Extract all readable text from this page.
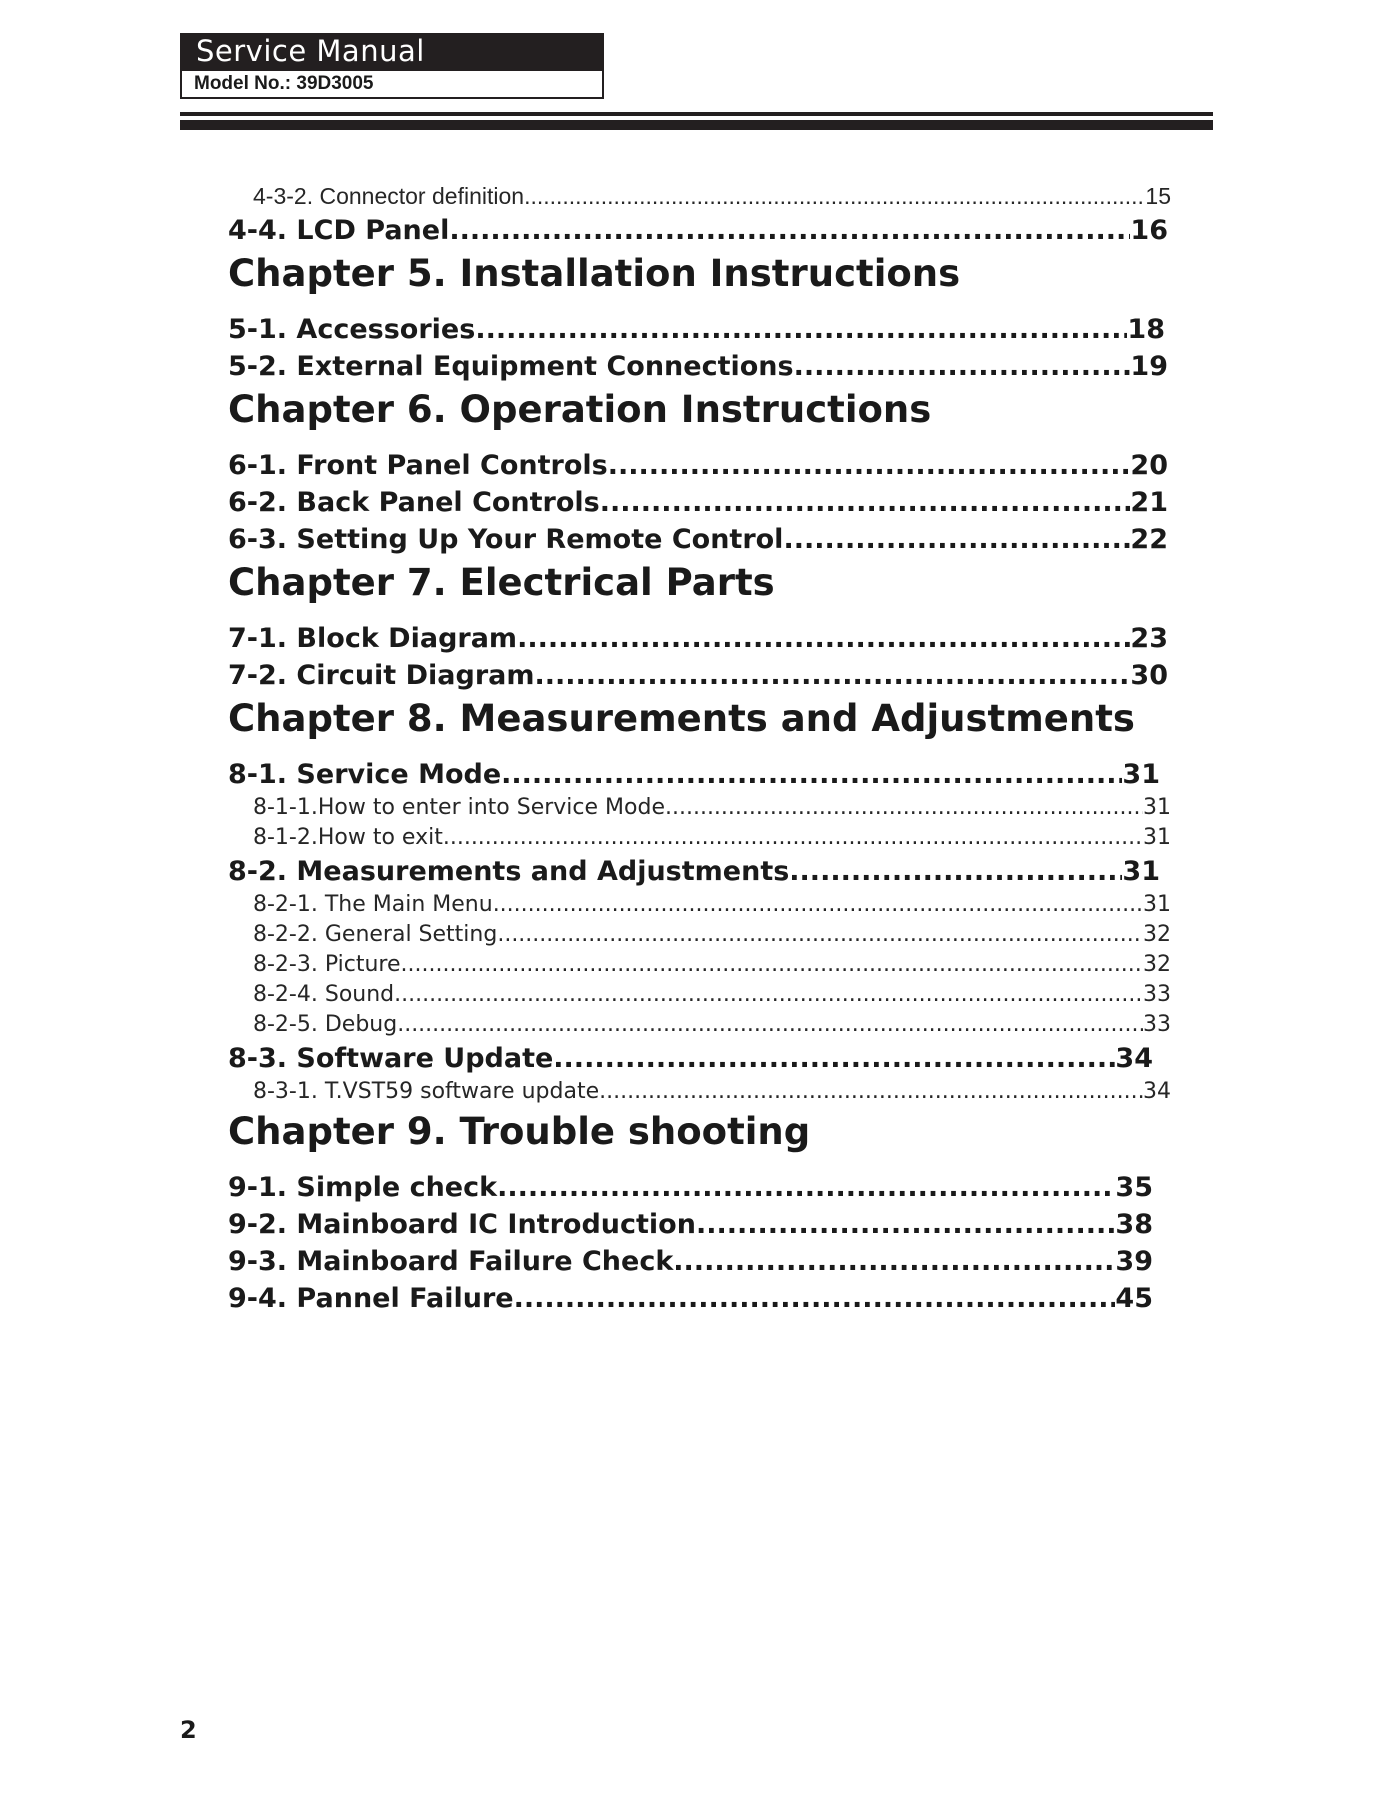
Service Manual
Model No.: 39D3005
4-3-2. Connector definition .....	15
4-4. LCD Panel .....	16
Chapter 5. Installation Instructions
5-1. Accessories .....	18
5-2. External Equipment Connections .....	19
Chapter 6. Operation Instructions
6-1. Front Panel Controls .....	20
6-2. Back Panel Controls .....	21
6-3. Setting Up Your Remote Control .....	22
Chapter 7. Electrical Parts
7-1. Block Diagram .....	23
7-2. Circuit Diagram .....	30
Chapter 8. Measurements and Adjustments
8-1. Service Mode .....	31
8-1-1.How to enter into Service Mode .....	31
8-1-2.How to exit .....	31
8-2. Measurements and Adjustments .....	31
8-2-1. The Main Menu .....	31
8-2-2. General Setting .....	32
8-2-3. Picture .....	32
8-2-4. Sound .....	33
8-2-5. Debug .....	33
8-3. Software Update .....	34
8-3-1. T.VST59 software update .....	34
Chapter 9. Trouble shooting
9-1. Simple check .....	35
9-2. Mainboard IC Introduction .....	38
9-3. Mainboard Failure Check .....	39
9-4. Pannel Failure .....	45
2
